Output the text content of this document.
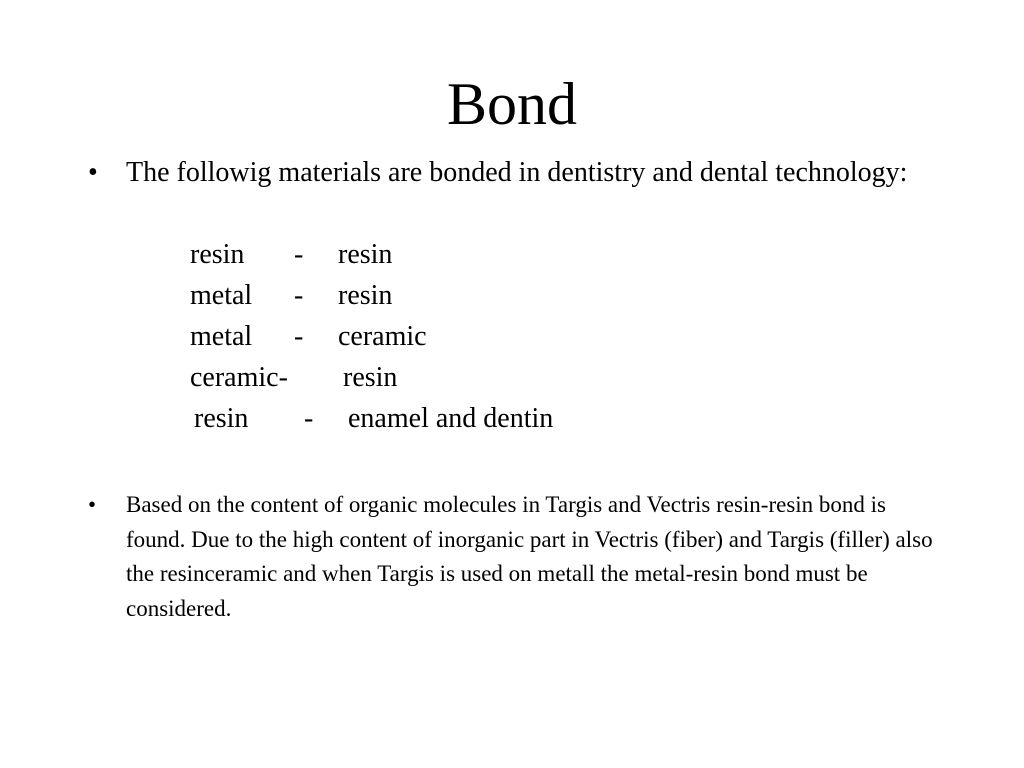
Bond
• The followig materials are bonded in dentistry and dental technology:

resin

-

resin

metal

-

resin

metal

-

ceramic

ceramic-

resin

resin

-

enamel and dentin

• Based on the content of organic molecules in Targis and Vectris resin-resin bond is found. Due to the high content of inorganic part in Vectris (fiber) and Targis (filler) also the resinceramic and when Targis is used on metall the metal-resin bond must be considered.
